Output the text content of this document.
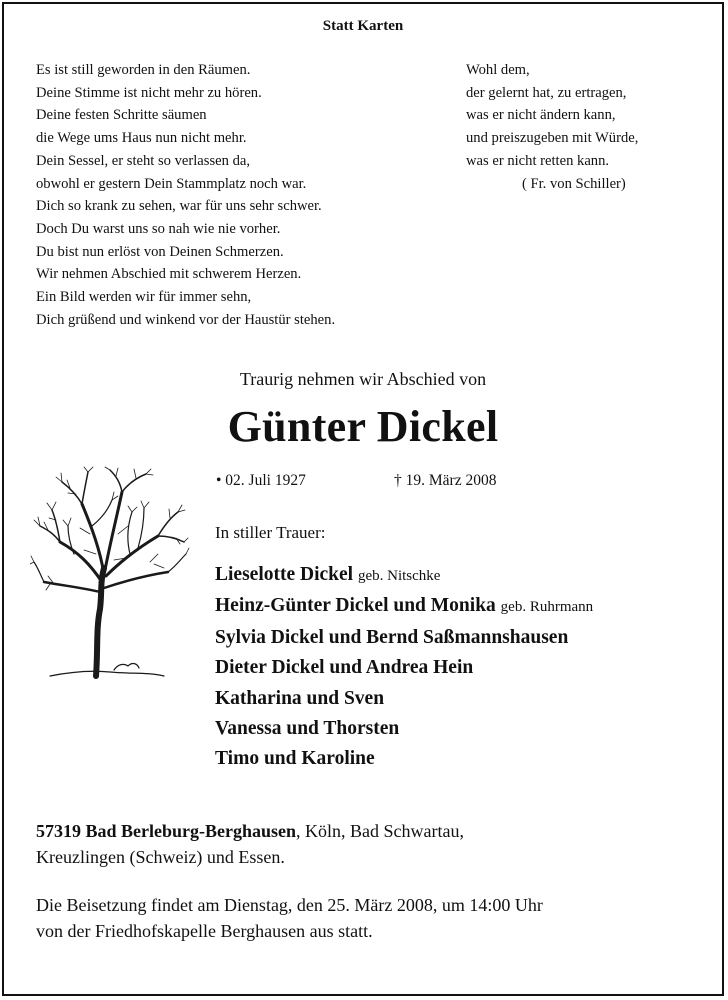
Statt Karten
Es ist still geworden in den Räumen.
Deine Stimme ist nicht mehr zu hören.
Deine festen Schritte säumen
die Wege ums Haus nun nicht mehr.
Dein Sessel, er steht so verlassen da,
obwohl er gestern Dein Stammplatz noch war.
Dich so krank zu sehen, war für uns sehr schwer.
Doch Du warst uns so nah wie nie vorher.
Du bist nun erlöst von Deinen Schmerzen.
Wir nehmen Abschied mit schwerem Herzen.
Ein Bild werden wir für immer sehn,
Dich grüßend und winkend vor der Haustür stehen.
Wohl dem,
der gelernt hat, zu ertragen,
was er nicht ändern kann,
und preiszugeben mit Würde,
was er nicht retten kann.
( Fr. von Schiller)
Traurig nehmen wir Abschied von
Günter Dickel
• 02. Juli 1927	† 19. März 2008
In stiller Trauer:
Lieselotte Dickel geb. Nitschke
Heinz-Günter Dickel und Monika geb. Ruhrmann
Sylvia Dickel und Bernd Saßmannshausen
Dieter Dickel und Andrea Hein
Katharina und Sven
Vanessa und Thorsten
Timo und Karoline
57319 Bad Berleburg-Berghausen, Köln, Bad Schwartau,
Kreuzlingen (Schweiz) und Essen.
Die Beisetzung findet am Dienstag, den 25. März 2008, um 14:00 Uhr
von der Friedhofskapelle Berghausen aus statt.
